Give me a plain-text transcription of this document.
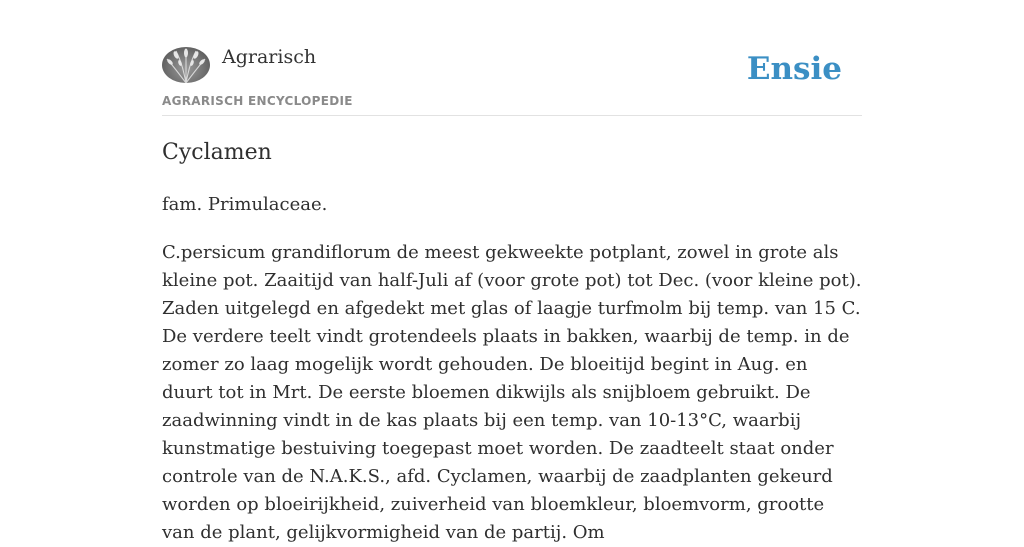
Agrarisch
AGRARISCH ENCYCLOPEDIE
Ensie
Cyclamen

fam. Primulaceae.

C.persicum grandiflorum de meest gekweekte potplant, zowel in grote als kleine pot. Zaaitijd van half-Juli af (voor grote pot) tot Dec. (voor kleine pot). Zaden uitgelegd en afgedekt met glas of laagje turfmolm bij temp. van 15 C. De verdere teelt vindt grotendeels plaats in bakken, waarbij de temp. in de zomer zo laag mogelijk wordt gehouden. De bloeitijd begint in Aug. en duurt tot in Mrt. De eerste bloemen dikwijls als snijbloem gebruikt. De zaadwinning vindt in de kas plaats bij een temp. van 10-13°C, waarbij kunstmatige bestuiving toegepast moet worden. De zaadteelt staat onder controle van de N.A.K.S., afd. Cyclamen, waarbij de zaadplanten gekeurd worden op bloeirijkheid, zuiverheid van bloemkleur, bloemvorm, grootte van de plant, gelijkvormigheid van de partij. Om
